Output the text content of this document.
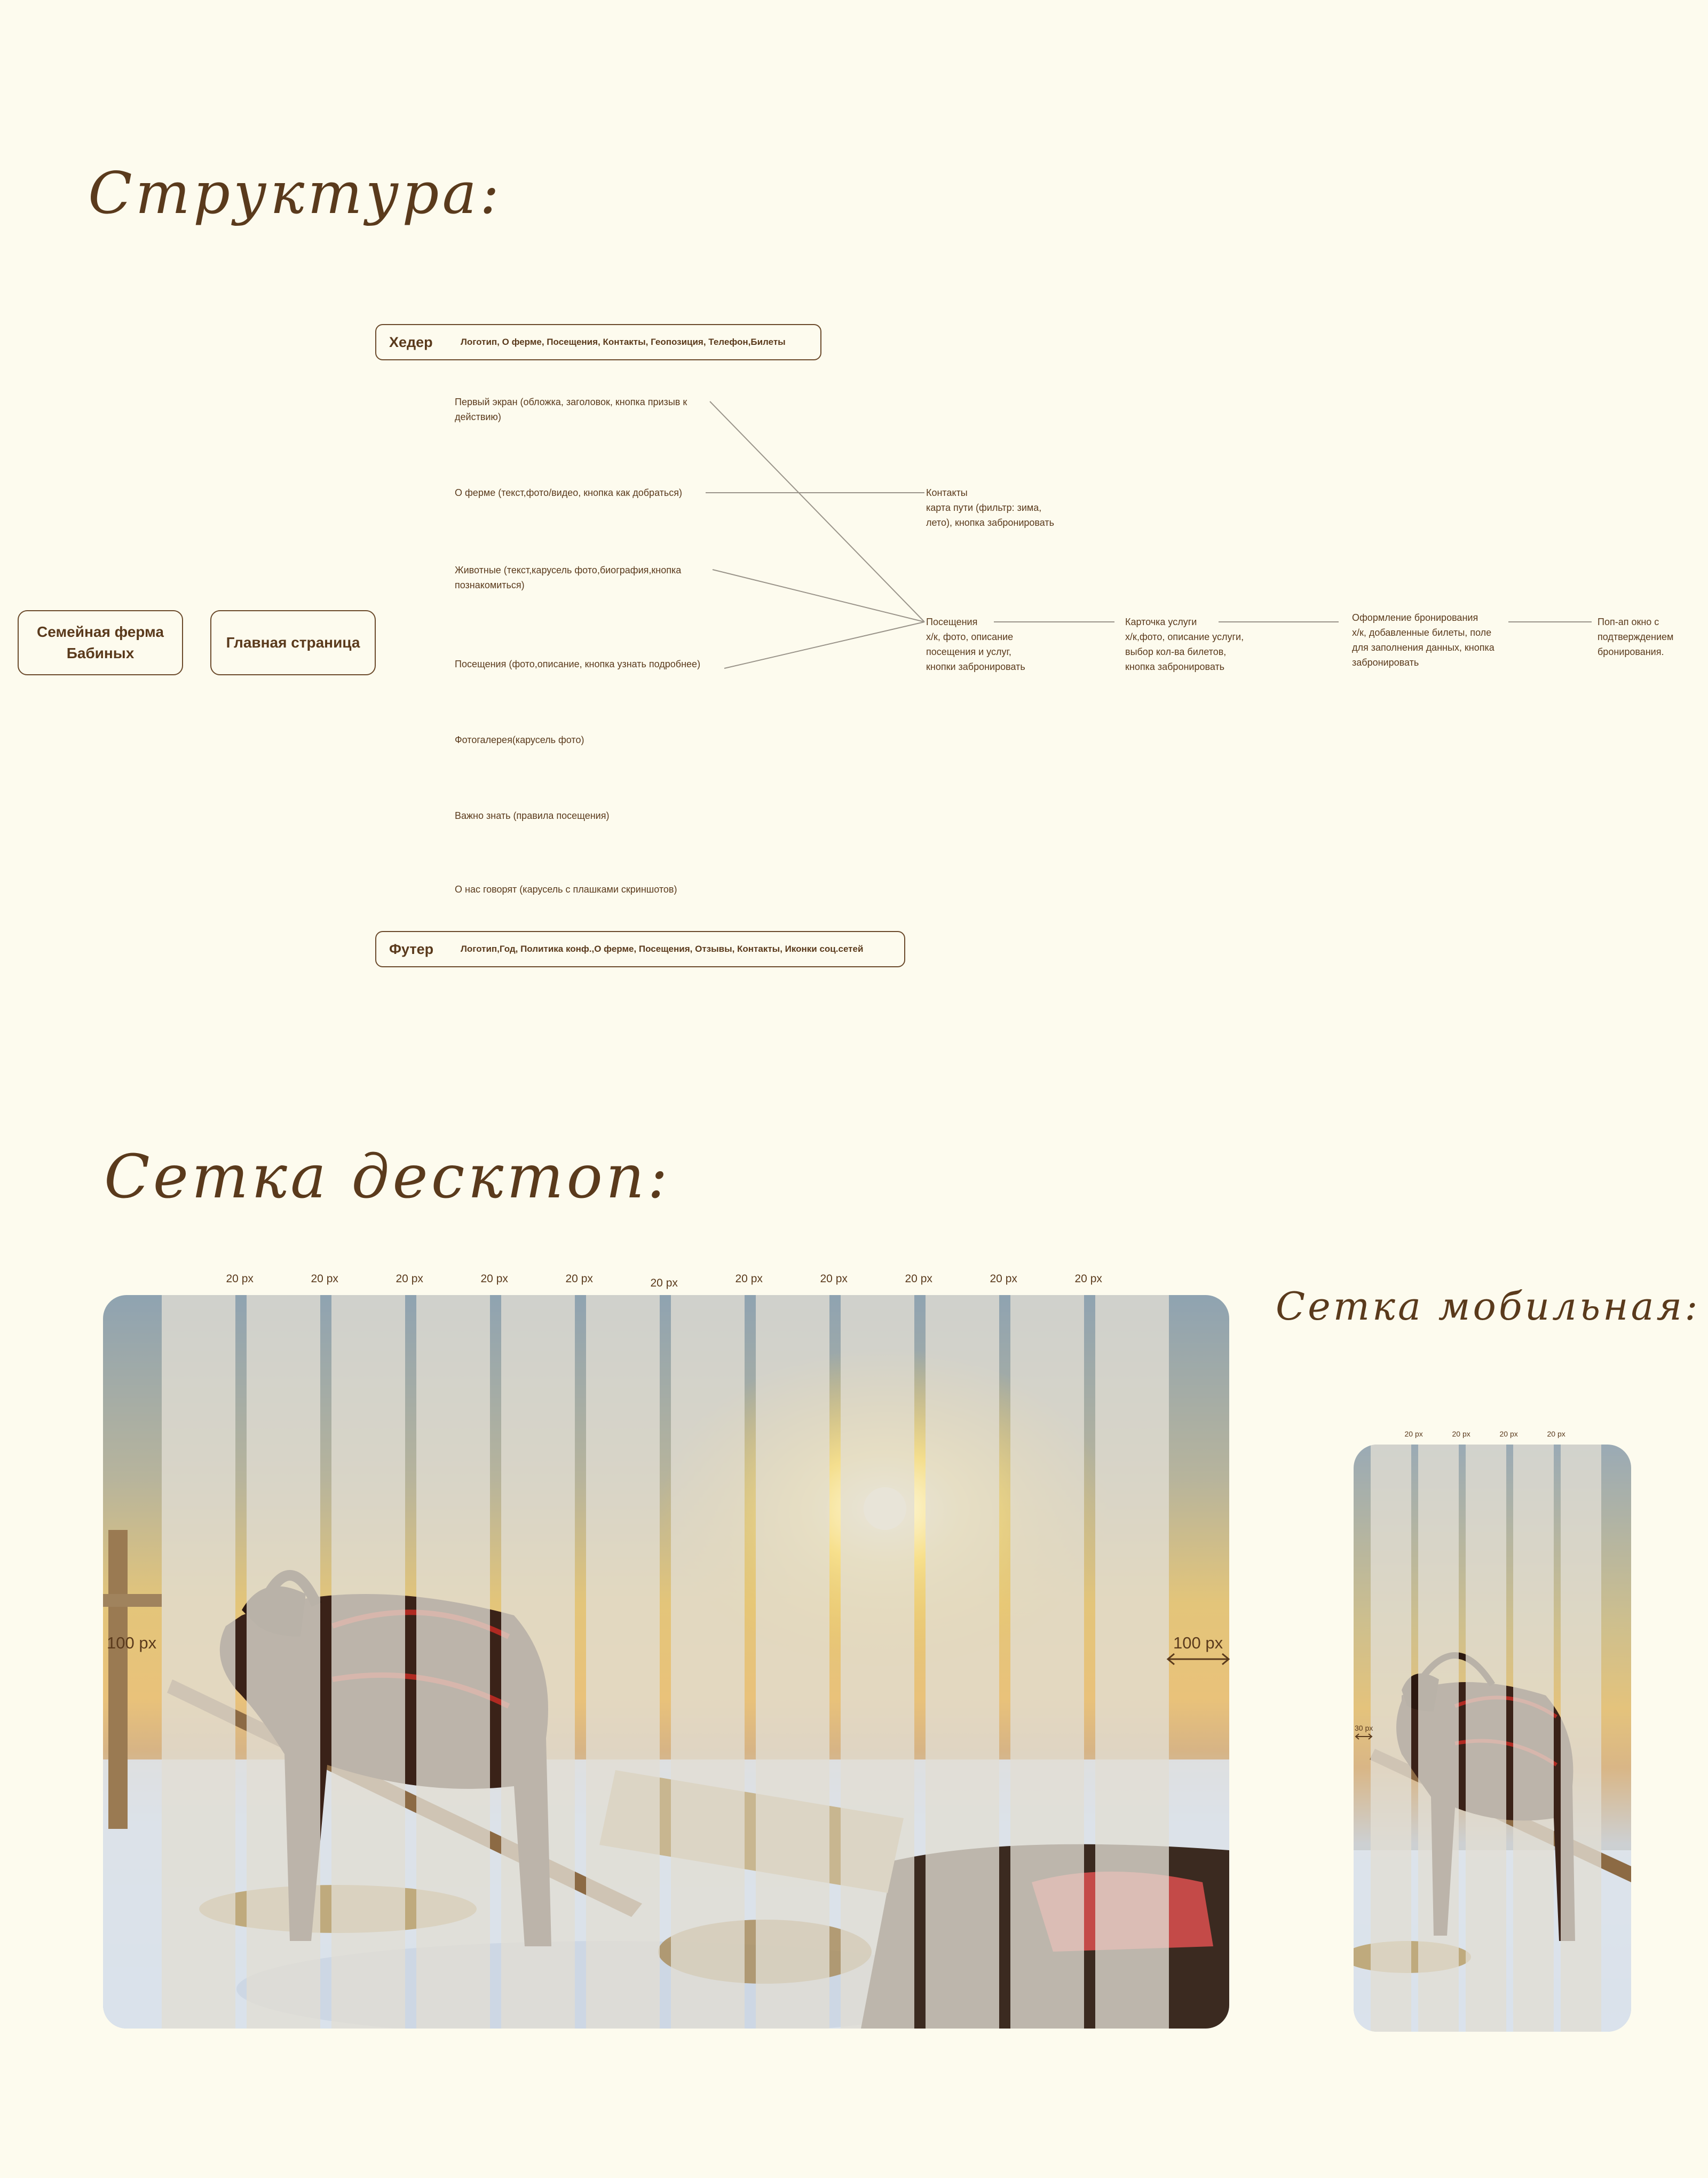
Структура:
Семейная ферма
Бабиных
Главная страница
Хедер	Логотип, О ферме, Посещения, Контакты, Геопозиция, Телефон,Билеты
Первый экран (обложка, заголовок, кнопка призыв к
действию)
О ферме (текст,фото/видео, кнопка как добраться)
Животные (текст,карусель фото,биография,кнопка
познакомиться)
Посещения (фото,описание, кнопка узнать подробнее)
Фотогалерея(карусель фото)
Важно знать (правила посещения)
О нас говорят (карусель с плашками скриншотов)
Контакты
карта пути (фильтр: зима,
лето), кнопка забронировать
Посещения
х/к, фото, описание
посещения и услуг,
кнопки забронировать
Карточка услуги
х/к,фото, описание услуги,
выбор кол-ва билетов,
кнопка забронировать
Оформление бронирования
х/к, добавленные билеты, поле
для заполнения данных, кнопка
забронировать
Поп-ап окно с
подтверждением
бронирования.
Футер	Логотип,Год, Политика конф.,О ферме, Посещения, Отзывы, Контакты, Иконки соц.сетей
Сетка десктоп:
20 px	20 px	20 px	20 px	20 px	20 px	20 px	20 px	20 px	20 px	20 px
100 px	100 px
Сетка мобильная:
20 px	20 px	20 px	20 px
30 px
